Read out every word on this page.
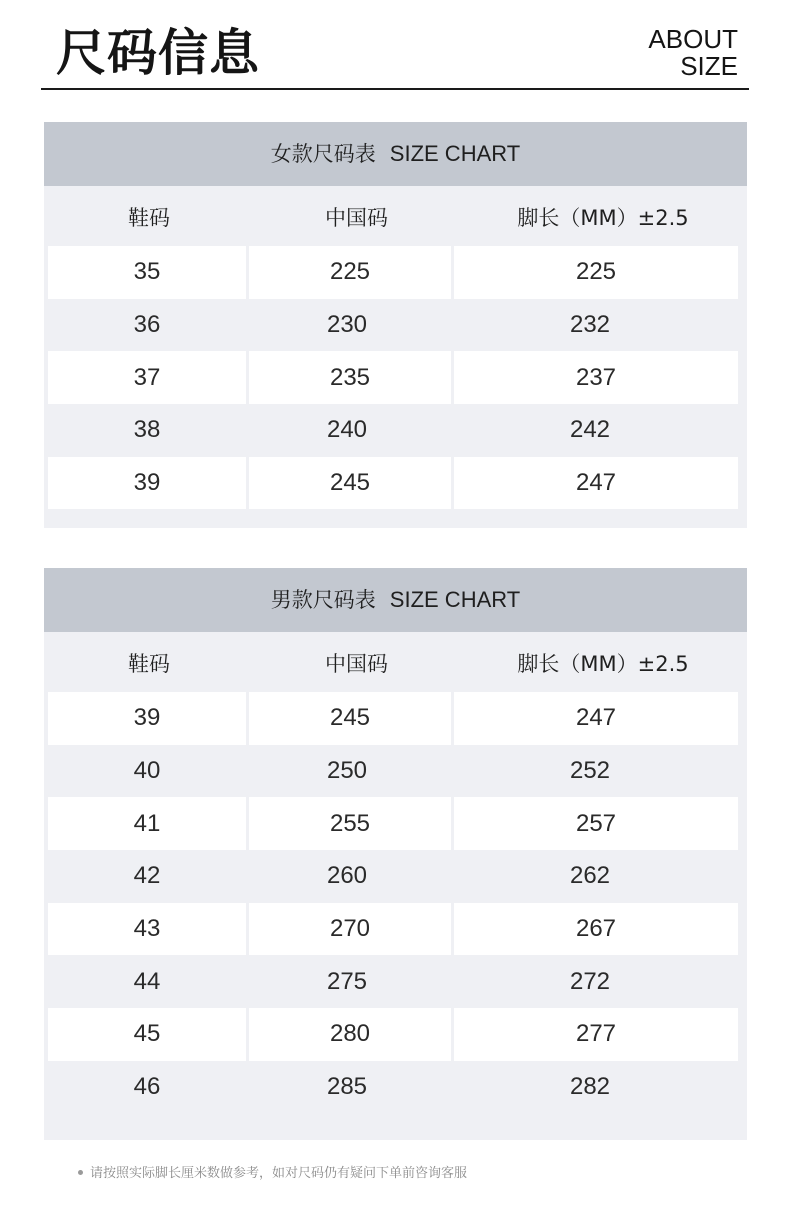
尺码信息	ABOUT
SIZE
女款尺码表 SIZE CHART
鞋码	中国码	脚长（MM）±2.5
35	225	225
36	230	232
37	235	237
38	240	242
39	245	247
男款尺码表 SIZE CHART
鞋码	中国码	脚长（MM）±2.5
39	245	247
40	250	252
41	255	257
42	260	262
43	270	267
44	275	272
45	280	277
46	285	282
请按照实际脚长厘米数做参考，如对尺码仍有疑问下单前咨询客服
